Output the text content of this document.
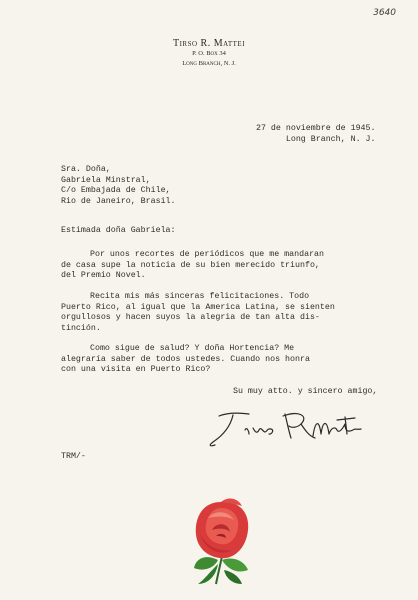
3640
Tirso R. Mattei
P. O. Box 34
Long Branch, N. J.
27 de noviembre de 1945.
Long Branch, N. J.
Sra. Doña,
Gabriela Minstral,
C/o Embajada de Chile,
Rio de Janeiro, Brasil.
Estimada doña Gabriela:
Por unos recortes de periódicos que me mandaran
de casa supe la noticia de su bien merecido triunfo,
del Premio Novel.
Recita mis más sinceras felicitaciones. Todo
Puerto Rico, al igual que la America Latina, se sienten
orgullosos y hacen suyos la alegria de tan alta dis-
tinción.
Como sigue de salud? Y doña Hortencia? Me
alegraría saber de todos ustedes. Cuando nos honra
con una visita en Puerto Rico?
Su muy atto. y sincero amigo,
TRM/-
